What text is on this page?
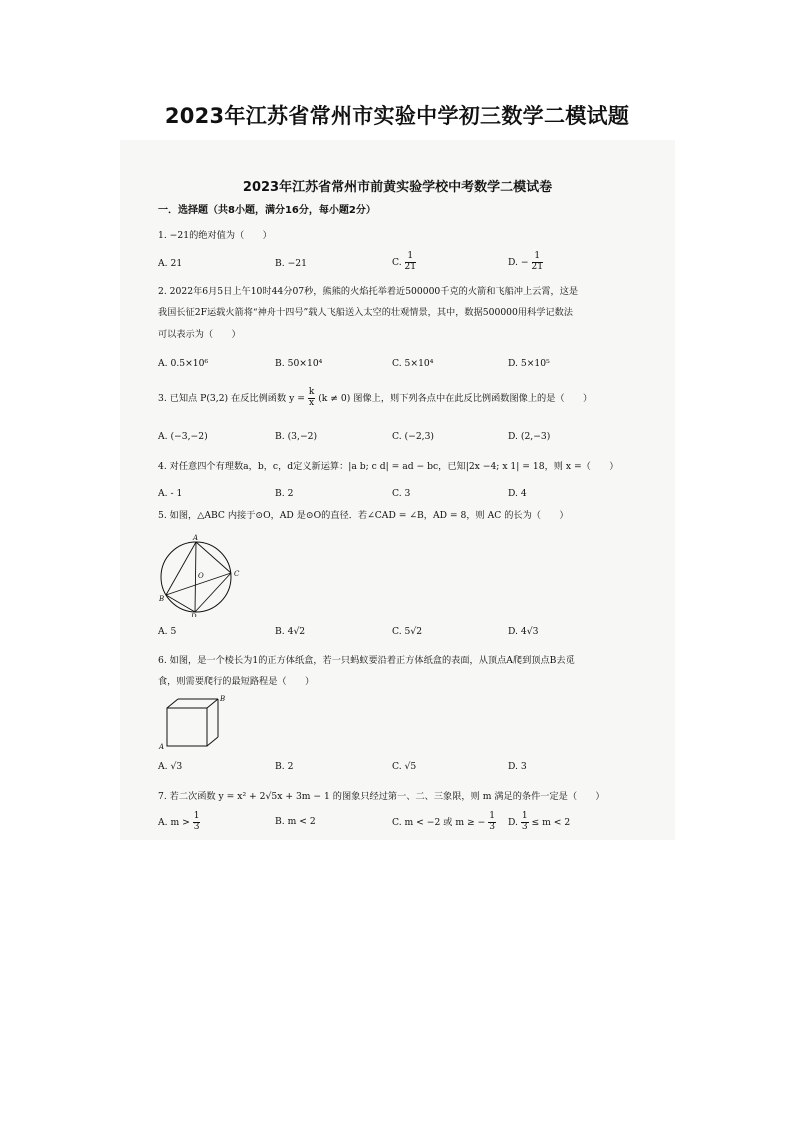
2023年江苏省常州市实验中学初三数学二模试题
2023年江苏省常州市前黄实验学校中考数学二模试卷
一．选择题（共8小题，满分16分，每小题2分）
1. −21的绝对值为（　　）
A. 21	B. −21	C. $\frac{1}{21}$	D. − $\frac{1}{21}$
2. 2022年6月5日上午10时44分07秒，熊熊的火焰托举着近500000千克的火箭和飞船冲上云霄，这是
我国长征2F运载火箭将“神舟十四号”载人飞船送入太空的壮观情景，其中，数据500000用科学记数法
可以表示为（　　）
A. 0.5×10⁶	B. 50×10⁴	C. 5×10⁴	D. 5×10⁵
3. 已知点 P(3,2) 在反比例函数 $y = \frac{k}{x} (k \ne 0)$ 图像上，则下列各点中在此反比例函数图像上的是（　　）
A. (−3,−2)	B. (3,−2)	C. (−2,3)	D. (2,−3)
4. 对任意四个有理数a，b，c，d定义新运算：|a b; c d| = ad − bc，已知|2x −4; x 1| = 18，则 x =（　　）
A. - 1	B. 2	C. 3	D. 4
5. 如图，△ABC 内接于⊙O，AD 是⊙O的直径．若∠CAD = ∠B，AD = 8，则 AC 的长为（　　）
A
O	C
B
D
A. 5	B. 4√2	C. 5√2	D. 4√3
6. 如图，是一个棱长为1的正方体纸盒，若一只蚂蚁要沿着正方体纸盒的表面，从顶点A爬到顶点B去觅
食，则需要爬行的最短路程是（　　）
B
A
A. √3	B. 2	C. √5	D. 3
7. 若二次函数 y = x² + 2√5x + 3m − 1 的图象只经过第一、二、三象限，则 m 满足的条件一定是（　　）
A. $m > \frac{1}{3}$	B. m < 2	C. m < −2 或 m ≥ − $\frac{1}{3} D$. $\frac{1}{3} \le m < 2$
